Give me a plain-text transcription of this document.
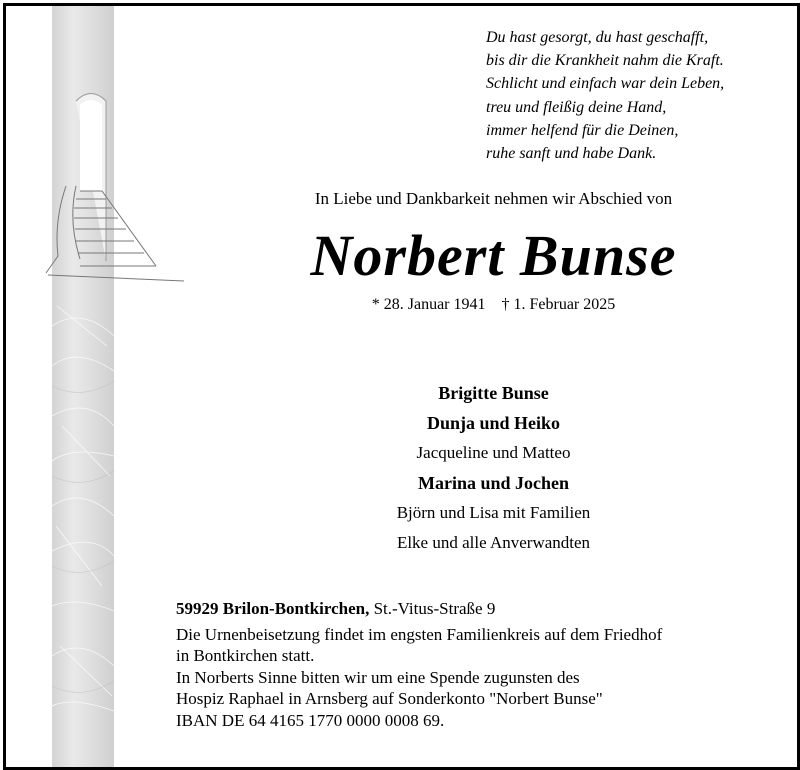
Du hast gesorgt, du hast geschafft,
bis dir die Krankheit nahm die Kraft.
Schlicht und einfach war dein Leben,
treu und fleißig deine Hand,
immer helfend für die Deinen,
ruhe sanft und habe Dank.
In Liebe und Dankbarkeit nehmen wir Abschied von
Norbert Bunse
* 28. Januar 1941 † 1. Februar 2025
Brigitte Bunse
Dunja und Heiko
Jacqueline und Matteo
Marina und Jochen
Björn und Lisa mit Familien
Elke und alle Anverwandten
59929 Brilon-Bontkirchen, St.-Vitus-Straße 9
Die Urnenbeisetzung findet im engsten Familienkreis auf dem Friedhof
in Bontkirchen statt.
In Norberts Sinne bitten wir um eine Spende zugunsten des
Hospiz Raphael in Arnsberg auf Sonderkonto "Norbert Bunse"
IBAN DE 64 4165 1770 0000 0008 69.
